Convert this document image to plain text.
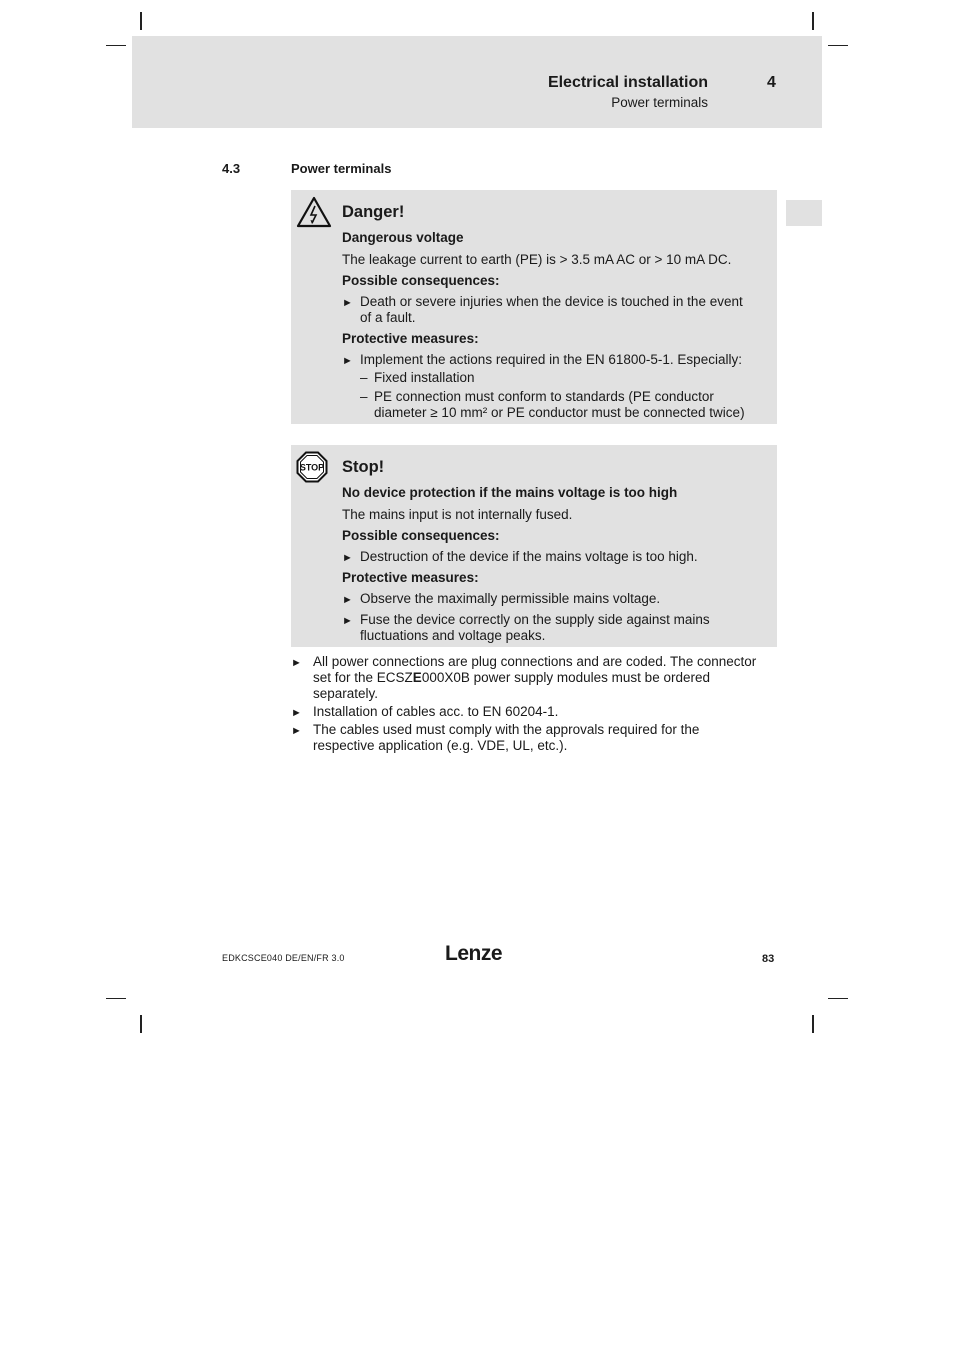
Electrical installation
Power terminals
4
4.3	Power terminals
Danger!
Dangerous voltage
The leakage current to earth (PE) is > 3.5 mA AC or > 10 mA DC.
Possible consequences:
► Death or severe injuries when the device is touched in the event
of a fault.
Protective measures:
► Implement the actions required in the EN 61800-5-1. Especially:
– Fixed installation
– PE connection must conform to standards (PE conductor
diameter ≥ 10 mm² or PE conductor must be connected twice)
STOP Stop!
No device protection if the mains voltage is too high
The mains input is not internally fused.
Possible consequences:
► Destruction of the device if the mains voltage is too high.
Protective measures:
► Observe the maximally permissible mains voltage.
► Fuse the device correctly on the supply side against mains
fluctuations and voltage peaks.
► All power connections are plug connections and are coded. The connector
set for the ECSZE000X0B power supply modules must be ordered
separately.
► Installation of cables acc. to EN 60204-1.
► The cables used must comply with the approvals required for the
respective application (e.g. VDE, UL, etc.).
EDKCSCE040 DE/EN/FR 3.0	Lenze	83
